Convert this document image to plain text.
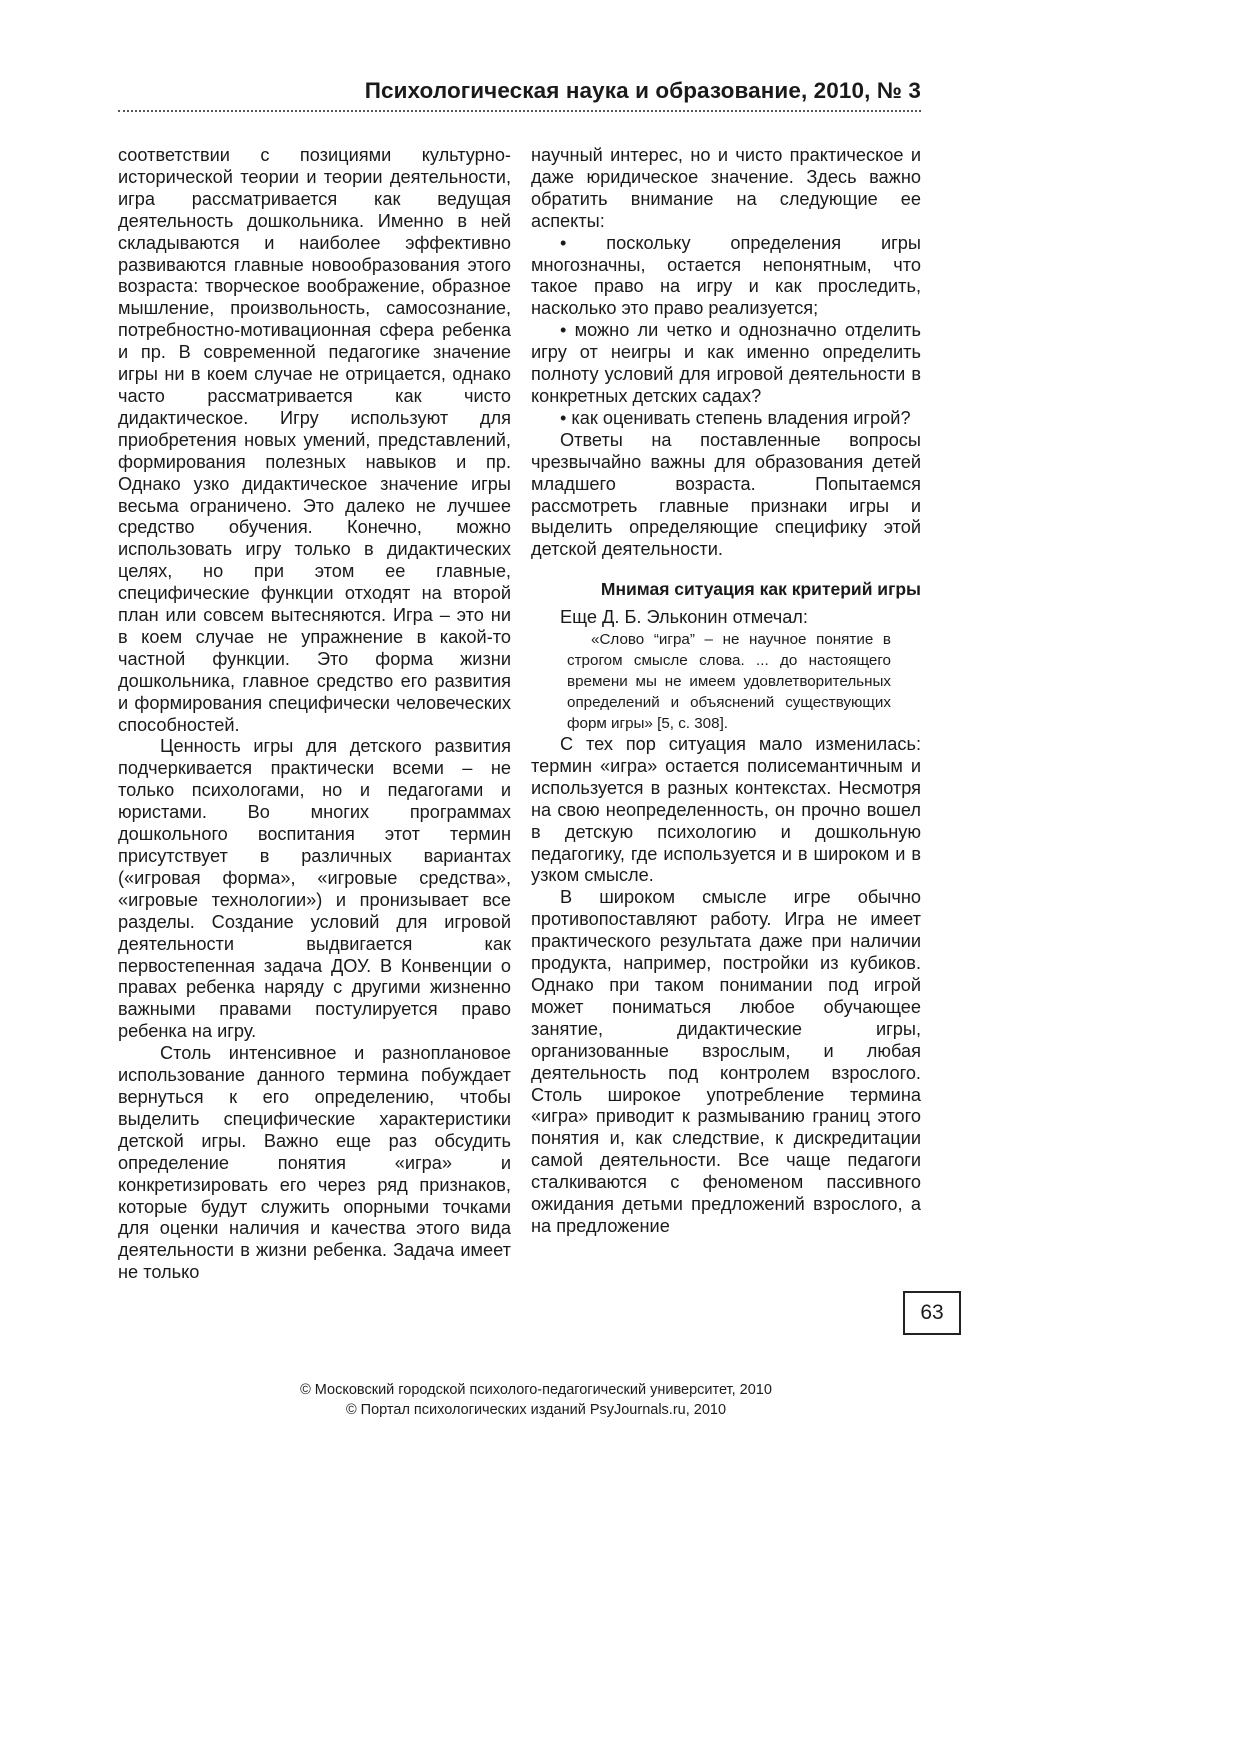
Психологическая наука и образование, 2010, № 3

соответствии с позициями культурно-исторической теории и теории деятельности, игра рассматривается как ведущая деятельность дошкольника. Именно в ней складываются и наиболее эффективно развиваются главные новообразования этого возраста: творческое воображение, образное мышление, произвольность, самосознание, потребностно-мотивационная сфера ребенка и пр. В современной педагогике значение игры ни в коем случае не отрицается, однако часто рассматривается как чисто дидактическое. Игру используют для приобретения новых умений, представлений, формирования полезных навыков и пр. Однако узко дидактическое значение игры весьма ограничено. Это далеко не лучшее средство обучения. Конечно, можно использовать игру только в дидактических целях, но при этом ее главные, специфические функции отходят на второй план или совсем вытесняются. Игра – это ни в коем случае не упражнение в какой-то частной функции. Это форма жизни дошкольника, главное средство его развития и формирования специфически человеческих способностей.

Ценность игры для детского развития подчеркивается практически всеми – не только психологами, но и педагогами и юристами. Во многих программах дошкольного воспитания этот термин присутствует в различных вариантах («игровая форма», «игровые средства», «игровые технологии») и пронизывает все разделы. Создание условий для игровой деятельности выдвигается как первостепенная задача ДОУ. В Конвенции о правах ребенка наряду с другими жизненно важными правами постулируется право ребенка на игру.

Столь интенсивное и разноплановое использование данного термина побуждает вернуться к его определению, чтобы выделить специфические характеристики детской игры. Важно еще раз обсудить определение понятия «игра» и конкретизировать его через ряд признаков, которые будут служить опорными точками для оценки наличия и качества этого вида деятельности в жизни ребенка. Задача имеет не только

научный интерес, но и чисто практическое и даже юридическое значение. Здесь важно обратить внимание на следующие ее аспекты:

• поскольку определения игры многозначны, остается непонятным, что такое право на игру и как проследить, насколько это право реализуется;

• можно ли четко и однозначно отделить игру от неигры и как именно определить полноту условий для игровой деятельности в конкретных детских садах?

• как оценивать степень владения игрой?

Ответы на поставленные вопросы чрезвычайно важны для образования детей младшего возраста. Попытаемся рассмотреть главные признаки игры и выделить определяющие специфику этой детской деятельности.

Мнимая ситуация как критерий игры

Еще Д. Б. Эльконин отмечал:

«Слово “игра” – не научное понятие в строгом смысле слова. ... до настоящего времени мы не имеем удовлетворительных определений и объяснений существующих форм игры» [5, с. 308].

С тех пор ситуация мало изменилась: термин «игра» остается полисемантичным и используется в разных контекстах. Несмотря на свою неопределенность, он прочно вошел в детскую психологию и дошкольную педагогику, где используется и в широком и в узком смысле.

В широком смысле игре обычно противопоставляют работу. Игра не имеет практического результата даже при наличии продукта, например, постройки из кубиков. Однако при таком понимании под игрой может пониматься любое обучающее занятие, дидактические игры, организованные взрослым, и любая деятельность под контролем взрослого. Столь широкое употребление термина «игра» приводит к размыванию границ этого понятия и, как следствие, к дискредитации самой деятельности. Все чаще педагоги сталкиваются с феноменом пассивного ожидания детьми предложений взрослого, а на предложение

63
© Московский городской психолого-педагогический университет, 2010
© Портал психологических изданий PsyJournals.ru, 2010
